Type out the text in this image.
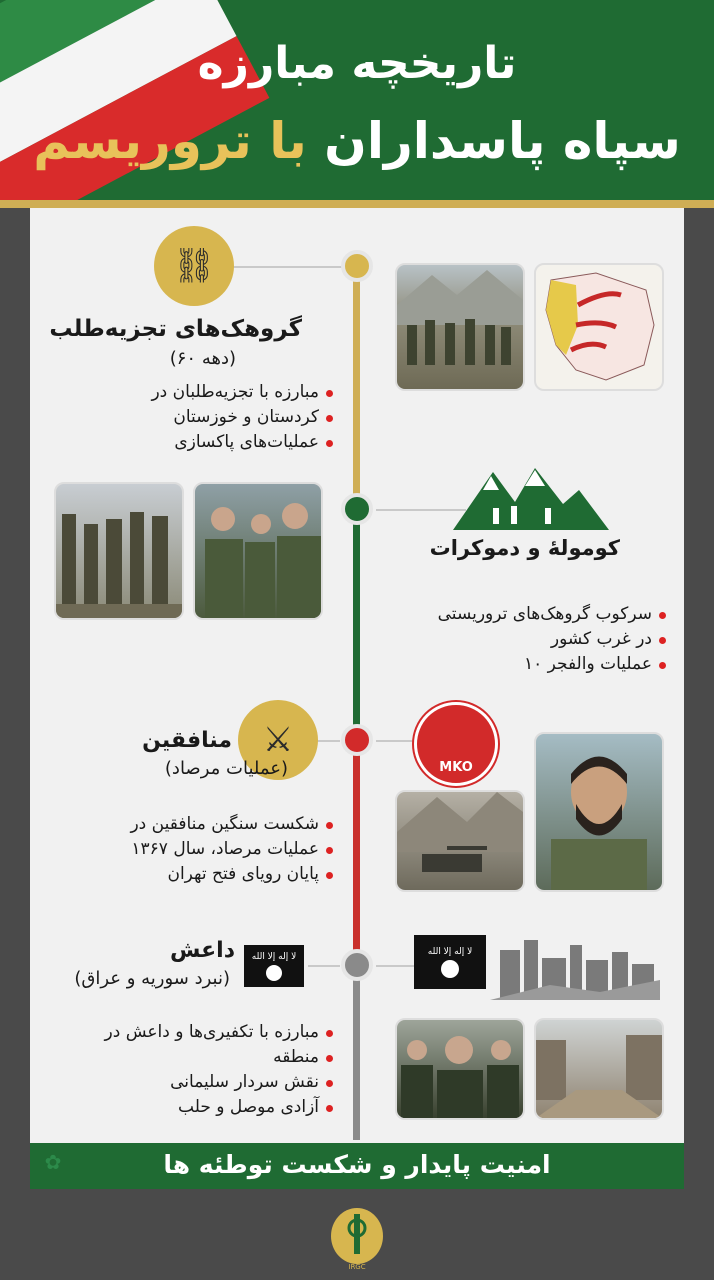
تاریخچه مبارزه
سپاه پاسداران با تروریسم
⛓
گروهک‌های تجزیه‌طلب
(دهه ۶۰)
مبارزه با تجزیه‌طلبان در
کردستان و خوزستان
عملیات‌های پاکسازی
کومولهٔ و دموکرات
سرکوب گروهک‌های تروریستی
در غرب کشور
عملیات والفجر ۱۰
⚔
منافقین
(عملیات مرصاد)
شکست سنگین منافقین در
عملیات مرصاد، سال ۱۳۶۷
پایان رویای فتح تهران
MKO
لا إله إلا الله
داعش
(نبرد سوریه و عراق)
مبارزه با تکفیری‌ها و داعش در
منطقه
نقش سردار سلیمانی
آزادی موصل و حلب
لا إله إلا الله
✿	امنیت پایدار و شکست توطئه ها
IRGC
